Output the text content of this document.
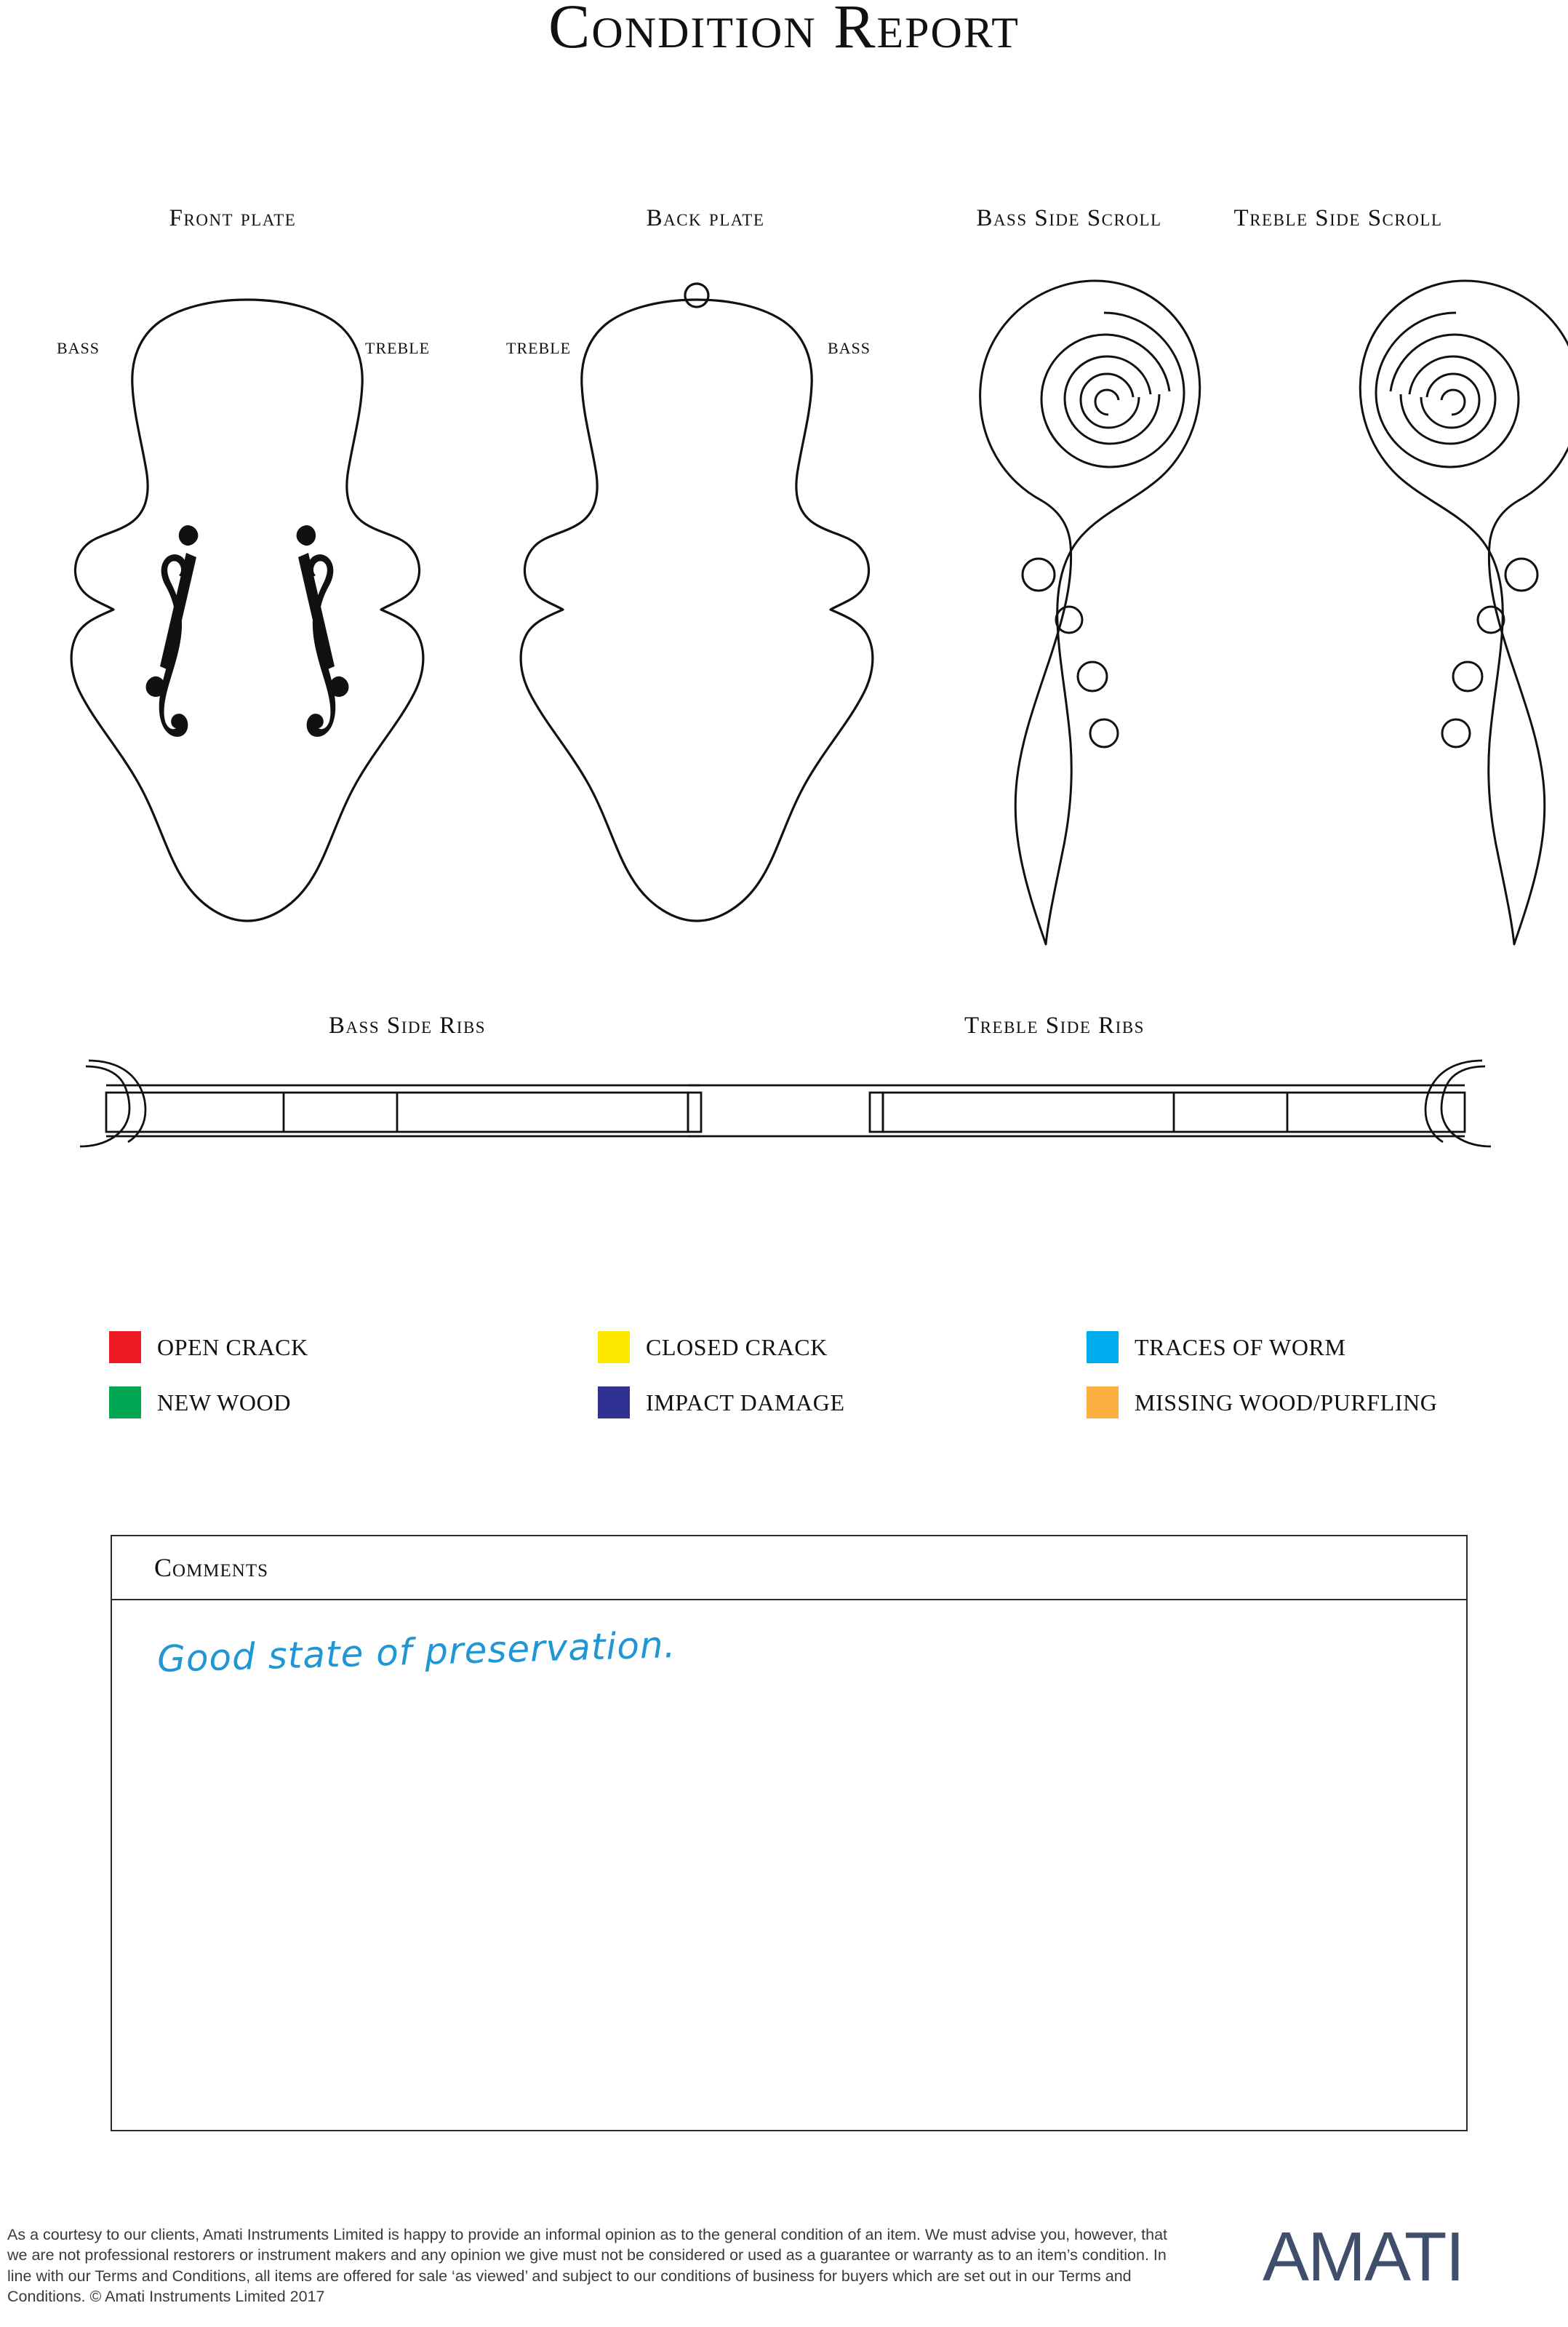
Condition Report
Front plate	Back plate	Bass Side Scroll	Treble Side Scroll
BASS	TREBLE	TREBLE	BASS
Bass Side Ribs	Treble Side Ribs
OPEN CRACK	CLOSED CRACK	TRACES OF WORM
NEW WOOD	IMPACT DAMAGE	MISSING WOOD/PURFLING
Comments
Good state of preservation.
As a courtesy to our clients, Amati Instruments Limited is happy to provide an informal opinion as to the general condition of an item. We must advise you, however, that we are not professional restorers or instrument makers and any opinion we give must not be considered or used as a guarantee or warranty as to an item’s condition. In line with our Terms and Conditions, all items are offered for sale ‘as viewed’ and subject to our conditions of business for buyers which are set out in our Terms and Conditions. © Amati Instruments Limited 2017
AMATI
